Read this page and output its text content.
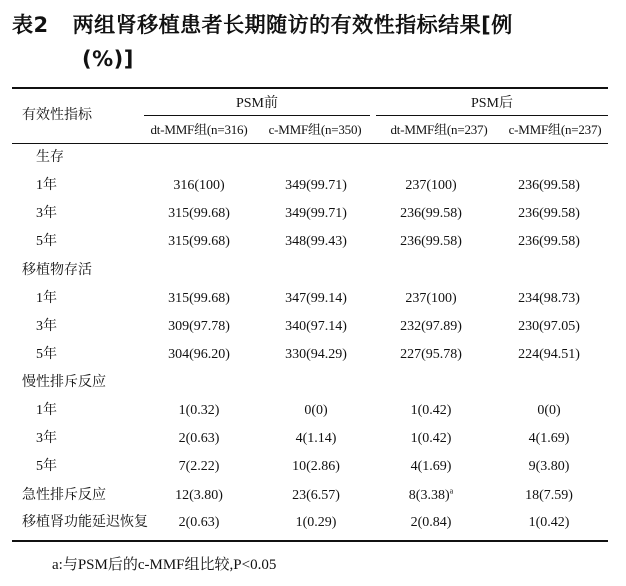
表2 两组肾移植患者长期随访的有效性指标结果[例
(%)]
有效性指标
PSM前	PSM后
dt-MMF组(n=316)	c-MMF组(n=350)	dt-MMF组(n=237)	c-MMF组(n=237)
生存
1年	316(100)	349(99.71)	237(100)	236(99.58)
3年	315(99.68)	349(99.71)	236(99.58)	236(99.58)
5年	315(99.68)	348(99.43)	236(99.58)	236(99.58)
移植物存活
1年	315(99.68)	347(99.14)	237(100)	234(98.73)
3年	309(97.78)	340(97.14)	232(97.89)	230(97.05)
5年	304(96.20)	330(94.29)	227(95.78)	224(94.51)
慢性排斥反应
1年	1(0.32)	0(0)	1(0.42)	0(0)
3年	2(0.63)	4(1.14)	1(0.42)	4(1.69)
5年	7(2.22)	10(2.86)	4(1.69)	9(3.80)
急性排斥反应	12(3.80)	23(6.57)	$8(3.38)^a$	18(7.59)
移植肾功能延迟恢复	2(0.63)	1(0.29)	2(0.84)	1(0.42)
a:与PSM后的c-MMF组比较,P<0.05
